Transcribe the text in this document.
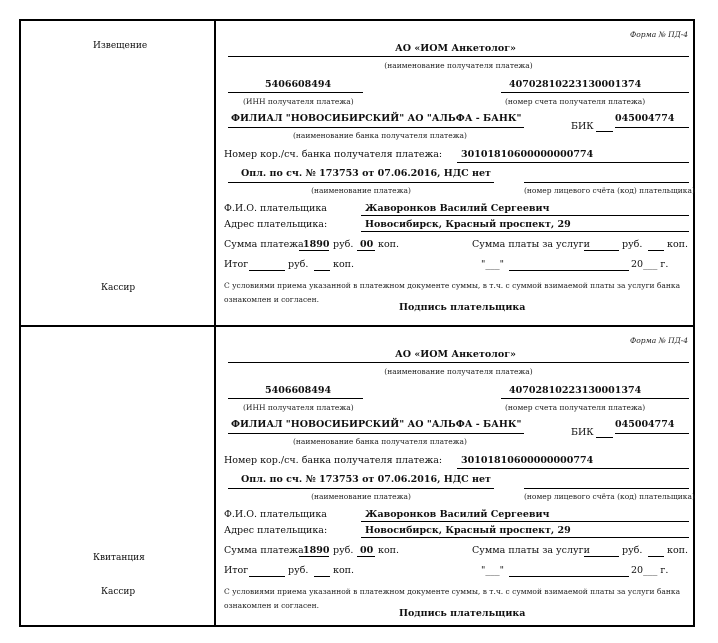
Извещение
Кассир
Квитанция
Кассир
Форма № ПД-4
АО «ИОМ Анкетолог»
(наименование получателя платежа)
5406608494
(ИНН получателя платежа)
40702810223130001374
(номер счета получателя платежа)
ФИЛИАЛ "НОВОСИБИРСКИЙ" АО "АЛЬФА - БАНК"
(наименование банка получателя платежа)
БИК
045004774
Номер кор./сч. банка получателя платежа: 30101810600000000774
Опл. по сч. № 173753 от 07.06.2016, НДС нет
(наименование платежа)	(номер лицевого счёта (код) плательщика)
Ф.И.О. плательщика	Жаворонков Василий Сергеевич
Адрес плательщика:	Новосибирск, Красный проспект, 29
Сумма платежа 1890 руб. 00 коп.	Сумма платы за услуги	руб.	коп.
Итог	руб.	коп.	"___"	20___ г.
С условиями приема указанной в платежном документе суммы, в т.ч. с суммой взимаемой платы за услуги банка
ознакомлен и согласен.
Подпись плательщика
Форма № ПД-4
АО «ИОМ Анкетолог»
(наименование получателя платежа)
5406608494
(ИНН получателя платежа)
40702810223130001374
(номер счета получателя платежа)
ФИЛИАЛ "НОВОСИБИРСКИЙ" АО "АЛЬФА - БАНК"
(наименование банка получателя платежа)
БИК
045004774
Номер кор./сч. банка получателя платежа: 30101810600000000774
Опл. по сч. № 173753 от 07.06.2016, НДС нет
(наименование платежа)	(номер лицевого счёта (код) плательщика)
Ф.И.О. плательщика	Жаворонков Василий Сергеевич
Адрес плательщика:	Новосибирск, Красный проспект, 29
Сумма платежа 1890 руб. 00 коп.	Сумма платы за услуги	руб.	коп.
Итог	руб.	коп.	"___"	20___ г.
С условиями приема указанной в платежном документе суммы, в т.ч. с суммой взимаемой платы за услуги банка
ознакомлен и согласен.
Подпись плательщика
